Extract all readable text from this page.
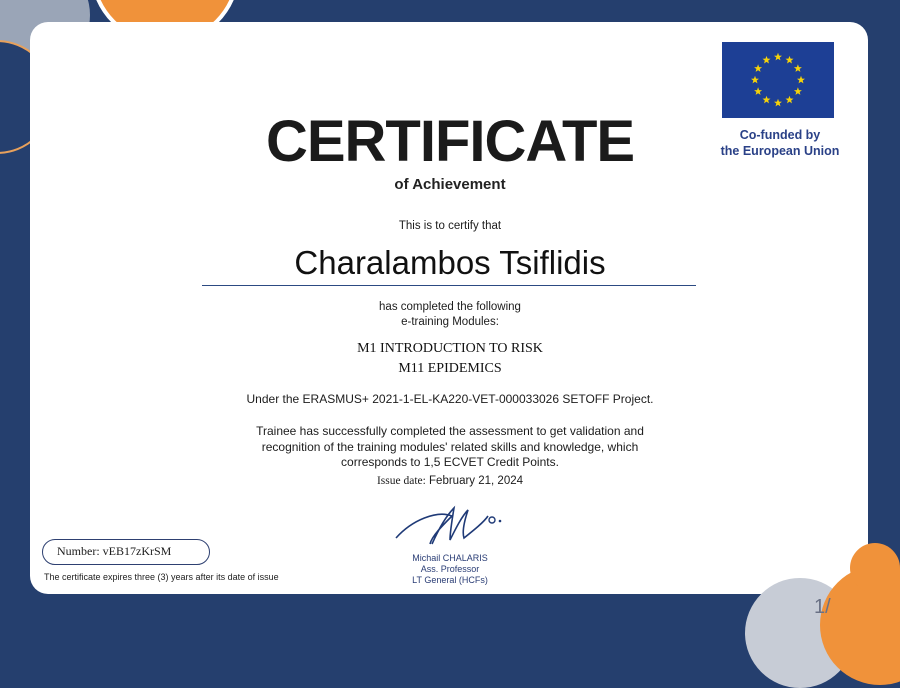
1/
Co-funded by
the European Union
CERTIFICATE
of Achievement
This is to certify that
Charalambos Tsiflidis
has completed the following
e-training Modules:
M1 INTRODUCTION TO RISK
M11 EPIDEMICS
Under the ERASMUS+ 2021-1-EL-KA220-VET-000033026 SETOFF Project.
Trainee has successfully completed the assessment to get validation and
recognition of the training modules' related skills and knowledge, which
corresponds to 1,5 ECVET Credit Points.
Issue date: February 21, 2024
Michail CHALARIS
Ass. Professor
LT General (HCFs)
Number: vEB17zKrSM
The certificate expires three (3) years after its date of issue
